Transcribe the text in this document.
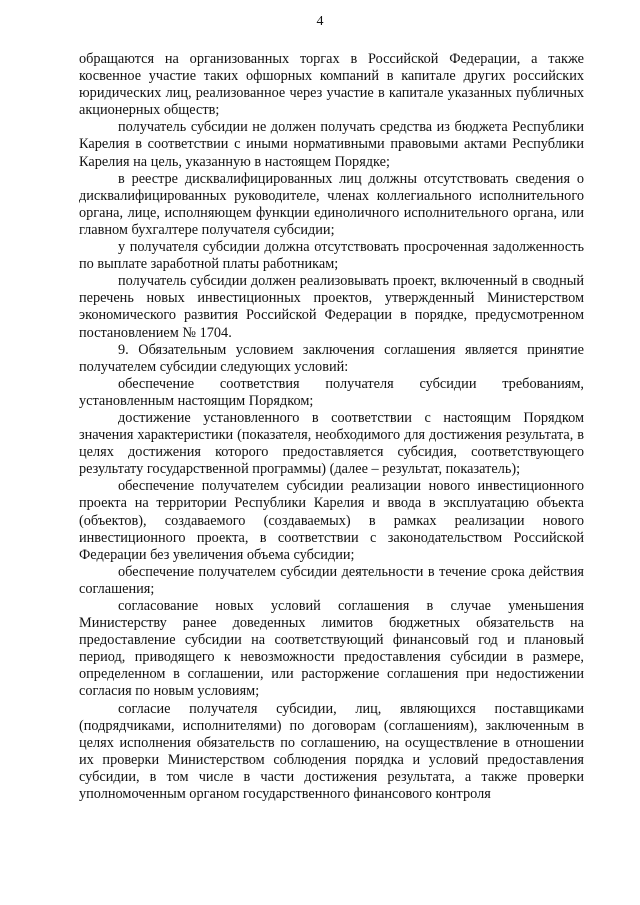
4

обращаются на организованных торгах в Российской Федерации, а также косвенное участие таких офшорных компаний в капитале других российских юридических лиц, реализованное через участие в капитале указанных публичных акционерных обществ;

получатель субсидии не должен получать средства из бюджета Республики Карелия в соответствии с иными нормативными правовыми актами Республики Карелия на цель, указанную в настоящем Порядке;

в реестре дисквалифицированных лиц должны отсутствовать сведения о дисквалифицированных руководителе, членах коллегиального исполнительного органа, лице, исполняющем функции единоличного исполнительного органа, или главном бухгалтере получателя субсидии;

у получателя субсидии должна отсутствовать просроченная задолженность по выплате заработной платы работникам;

получатель субсидии должен реализовывать проект, включенный в сводный перечень новых инвестиционных проектов, утвержденный Министерством экономического развития Российской Федерации в порядке, предусмотренном постановлением № 1704.

9. Обязательным условием заключения соглашения является принятие получателем субсидии следующих условий:

обеспечение соответствия получателя субсидии требованиям, установленным настоящим Порядком;

достижение установленного в соответствии с настоящим Порядком значения характеристики (показателя, необходимого для достижения результата, в целях достижения которого предоставляется субсидия, соответствующего результату государственной программы) (далее – результат, показатель);

обеспечение получателем субсидии реализации нового инвестиционного проекта на территории Республики Карелия и ввода в эксплуатацию объекта (объектов), создаваемого (создаваемых) в рамках реализации нового инвестиционного проекта, в соответствии с законодательством Российской Федерации без увеличения объема субсидии;

обеспечение получателем субсидии деятельности в течение срока действия соглашения;

согласование новых условий соглашения в случае уменьшения Министерству ранее доведенных лимитов бюджетных обязательств на предоставление субсидии на соответствующий финансовый год и плановый период, приводящего к невозможности предоставления субсидии в размере, определенном в соглашении, или расторжение соглашения при недостижении согласия по новым условиям;

согласие получателя субсидии, лиц, являющихся поставщиками (подрядчиками, исполнителями) по договорам (соглашениям), заключенным в целях исполнения обязательств по соглашению, на осуществление в отношении их проверки Министерством соблюдения порядка и условий предоставления субсидии, в том числе в части достижения результата, а также проверки уполномоченным органом государственного финансового контроля
